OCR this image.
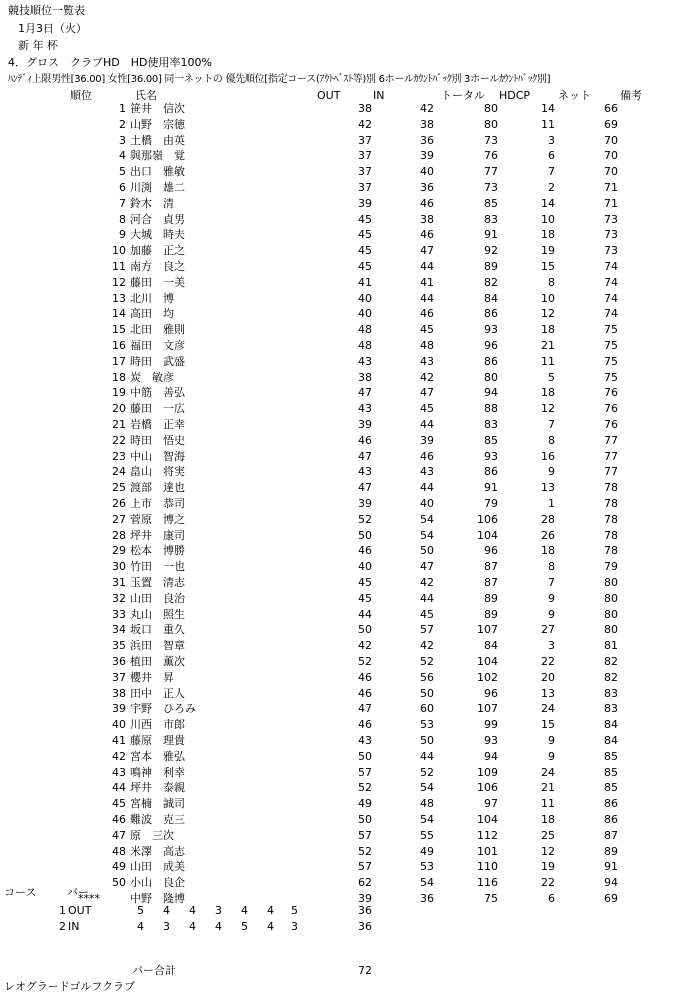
競技順位一覧表
1月3日（火）
新 年 杯
4．グロス　クラブHD　HD使用率100%
ﾊﾝﾃﾞｨ上限男性[36.00] 女性[36.00] 同一ネットの 優先順位[指定コース(ｱｳﾄﾍﾞｽﾄ等)別 6ホールｶｳﾝﾄﾊﾞｯｸ別 3ホールｶｳﾝﾄﾊﾞｯｸ別]
順位	氏名	OUT	IN	トータル HDCP	ネット	備考
1 笹井　信次	38	42	80	14	66
2 山野　宗徳	42	38	80	11	69
3 土橋　由英	37	36	73	3	70
4 與那嶺　覚	37	39	76	6	70
5 出口　雅敏	37	40	77	7	70
6 川渕　雄二	37	36	73	2	71
7 鈴木　清	39	46	85	14	71
8 河合　貞男	45	38	83	10	73
9 大城　時夫	45	46	91	18	73
10 加藤　正之	45	47	92	19	73
11 南方　良之	45	44	89	15	74
12 藤田　一美	41	41	82	8	74
13 北川　博	40	44	84	10	74
14 高田　均	40	46	86	12	74
15 北田　雅則	48	45	93	18	75
16 福田　文彦	48	48	96	21	75
17 時田　武盛	43	43	86	11	75
18 炭　敏彦	38	42	80	5	75
19 中筋　善弘	47	47	94	18	76
20 藤田　一広	43	45	88	12	76
21 岩橋　正幸	39	44	83	7	76
22 時田　悟史	46	39	85	8	77
23 中山　智海	47	46	93	16	77
24 畠山　将実	43	43	86	9	77
25 渡部　達也	47	44	91	13	78
26 上市　恭司	39	40	79	1	78
27 菅原　博之	52	54	106	28	78
28 坪井　康司	50	54	104	26	78
29 松本　博勝	46	50	96	18	78
30 竹田　一也	40	47	87	8	79
31 玉置　清志	45	42	87	7	80
32 山田　良治	45	44	89	9	80
33 丸山　照生	44	45	89	9	80
34 坂口　重久	50	57	107	27	80
35 浜田　智章	42	42	84	3	81
36 植田　薫次	52	52	104	22	82
37 櫻井　昇	46	56	102	20	82
38 田中　正人	46	50	96	13	83
39 宇野　ひろみ	47	60	107	24	83
40 川西　市郎	46	53	99	15	84
41 藤原　理貴	43	50	93	9	84
42 宮本　雅弘	50	44	94	9	85
43 鳴神　利幸	57	52	109	24	85
44 坪井　泰親	52	54	106	21	85
45 宮楠　誠司	49	48	97	11	86
46 難波　克三	50	54	104	18	86
47 原　三次	57	55	112	25	87
48 米澤　高志	52	49	101	12	89
49 山田　成美	57	53	110	19	91
50 小山　良企	62	54	116	22	94
****	中野　隆博	39	36	75	6	69
コース	バー
1 OUT	5	4	4	3	4	4	5	36
2 IN	4	3	4	4	5	4	3	36
バー合計	72
レオグラードゴルフクラブ
